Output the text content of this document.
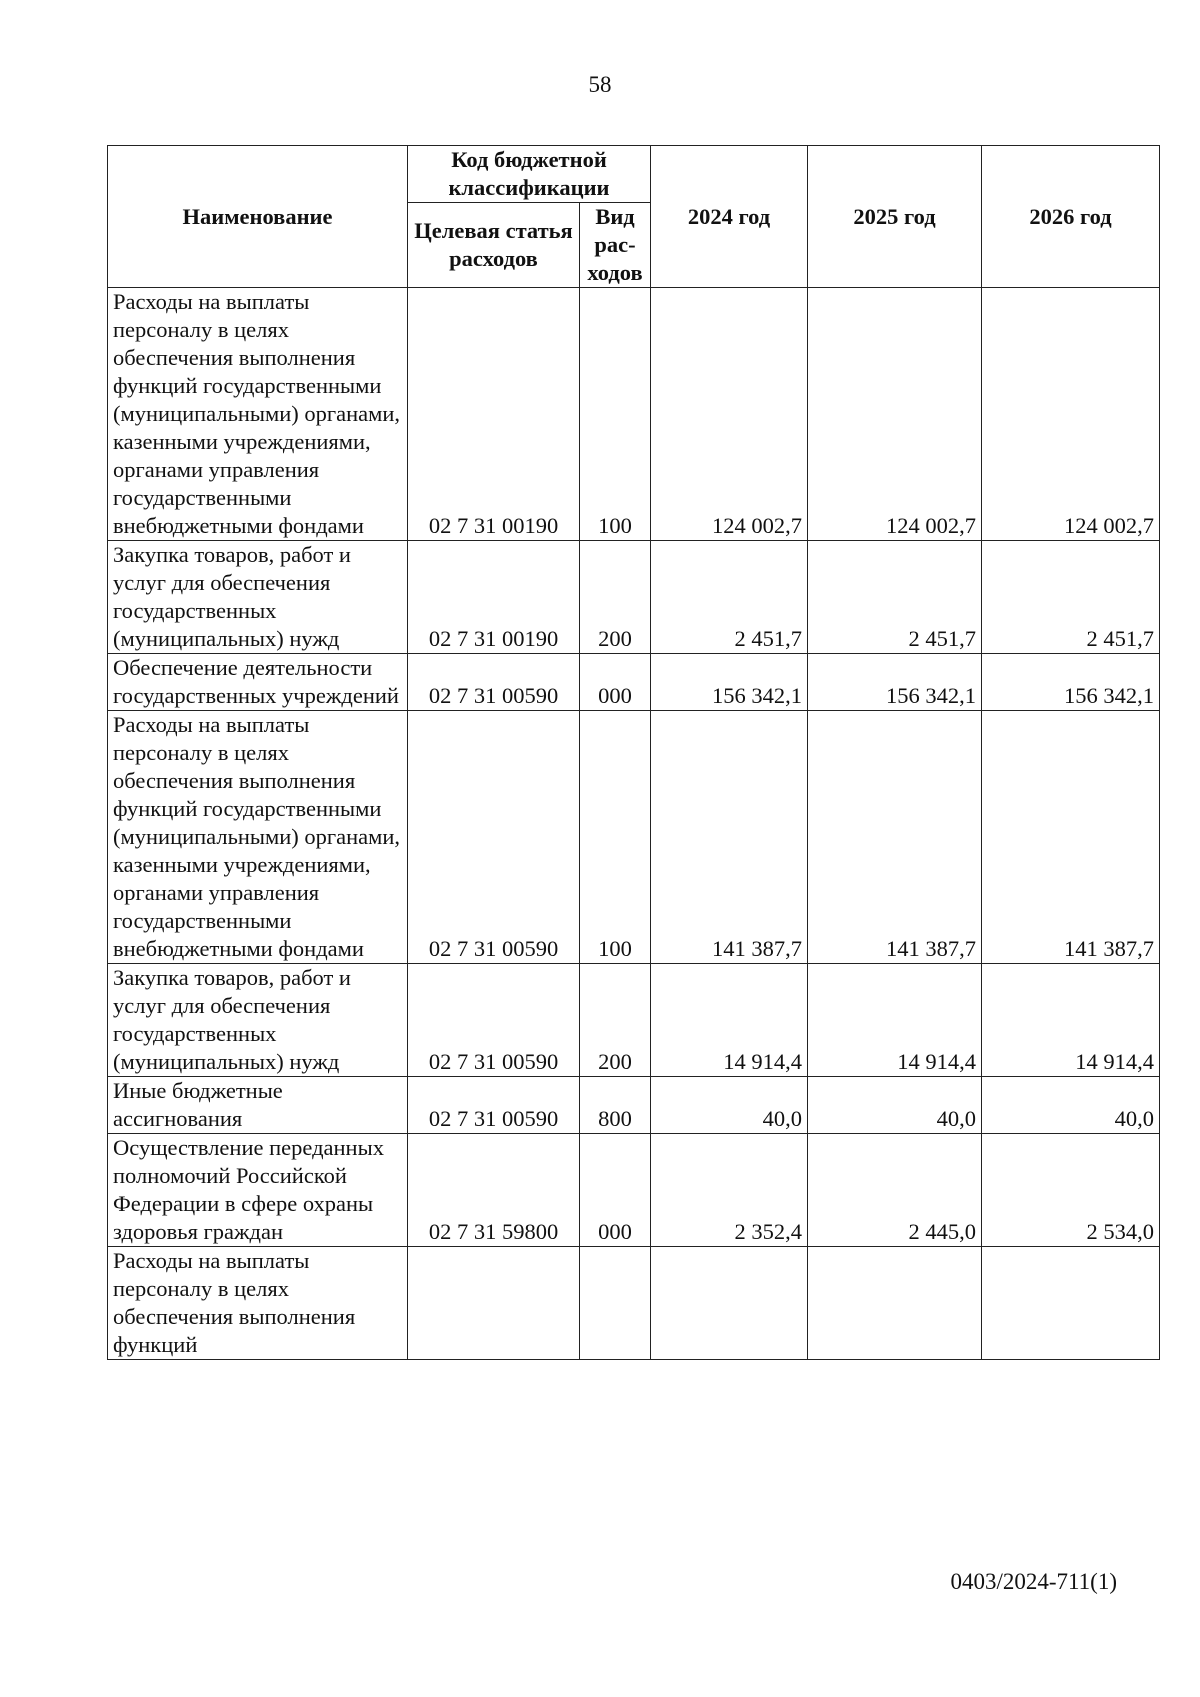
58
Наименование	Код бюджетной классификации		2024 год	2025 год	2026 год
	Целевая статья расходов	Вид рас- ходов			
Расходы на выплаты персоналу в целях обеспечения выполнения функций государственными (муниципальными) органами, казенными учреждениями, органами управления государственными внебюджетными фондами	02 7 31 00190	100	124 002,7	124 002,7	124 002,7
Закупка товаров, работ и услуг для обеспечения государственных (муниципальных) нужд	02 7 31 00190	200	2 451,7	2 451,7	2 451,7
Обеспечение деятельности государственных учреждений	02 7 31 00590	000	156 342,1	156 342,1	156 342,1
Расходы на выплаты персоналу в целях обеспечения выполнения функций государственными (муниципальными) органами, казенными учреждениями, органами управления государственными внебюджетными фондами	02 7 31 00590	100	141 387,7	141 387,7	141 387,7
Закупка товаров, работ и услуг для обеспечения государственных (муниципальных) нужд	02 7 31 00590	200	14 914,4	14 914,4	14 914,4
Иные бюджетные ассигнования	02 7 31 00590	800	40,0	40,0	40,0
Осуществление переданных полномочий Российской Федерации в сфере охраны здоровья граждан	02 7 31 59800	000	2 352,4	2 445,0	2 534,0
Расходы на выплаты персоналу в целях обеспечения выполнения функций					
0403/2024-711(1)
